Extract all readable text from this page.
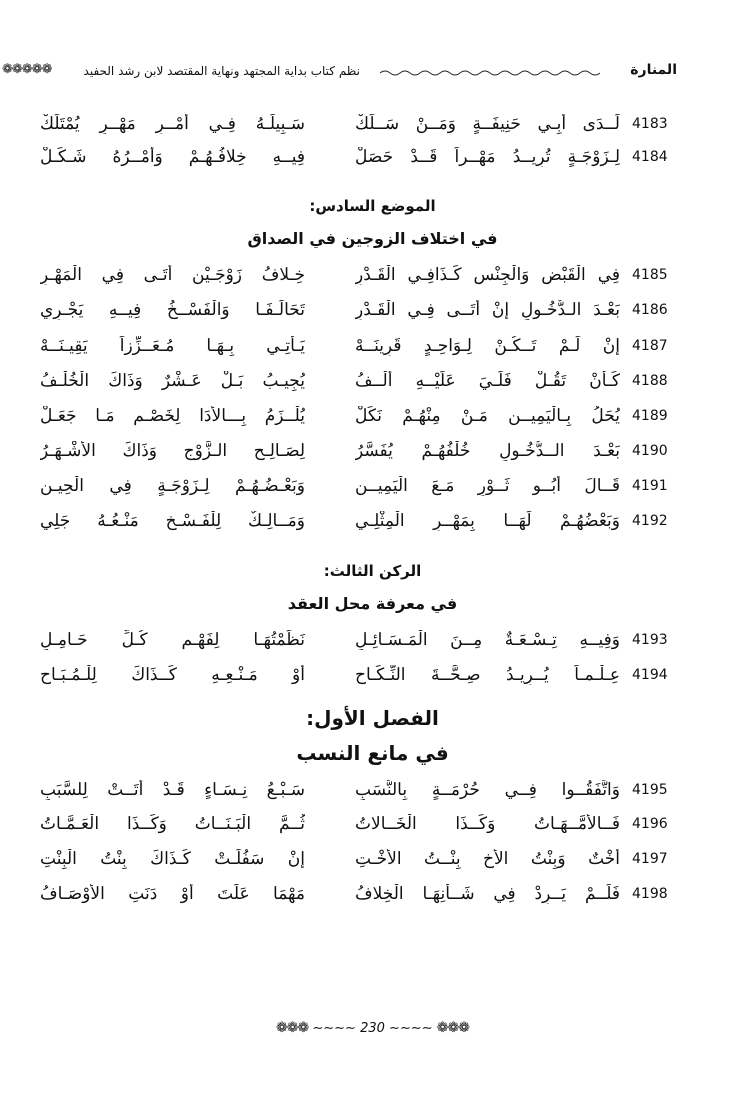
المنارة
نظم كتاب بداية المجتهد ونهاية المقتصد لابن رشد الحفيد
❁❁❁❁❁
4183
لَــدَى أَبِـي حَنِيفَــةٍ وَمَــنْ سَــلَكْ
سَـبِيلَـهُ فِـي أَمْــرِ مَهْــرٍ يُمْتَلَكْ
4184
لِـزَوْجَـةٍ تُرِيــدُ مَهْــراً قَــدْ حَصَلْ
فِيــهِ خِلافُـهُـمْ وَأَمْــرُهُ شَـكَـلْ
الموضع السادس:
في اختلاف الزوجين في الصداق
4185
فِي الْقَبْضِ وَالْجِنْسِ كَـذَافِـي الْقَـدْرِ
خِـلافُ زَوْجَـيْنِ أَتَـى فِي الْمَهْـرِ
4186
بَعْـدَ الـدُّخُـولِ إِنْ أَتَــى فِـي الْقَـدْرِ
تَحَالَـفَـا وَالْفَسْــخُ فِيــهِ يَجْـرِي
4187
إِنْ لَـمْ تَــكُـنْ لِـوَاحِـدٍ قَرِينَــهْ
يَـأْتِـي بِـهَـا مُـعَــزِّزاً يَقِيـنَــهْ
4188
كَـأَنْ تَقُـلْ فَلَـيَ عَلَيْــهِ أَلْــفُ
يُجِيـبُ بَـلْ عَـشْرٌ وَذَاكَ الْخُلْـفُ
4189
يُحَلُ بِـالْيَمِيــنِ مَـنْ مِنْهُـمْ نَكَلْ
يُلْــزَمُ بِـــالأَدَا لِخَصْـمٍ مَـا جَعَـلْ
4190
بَعْـدَ الــدُّخُـولِ خُلْفُهُـمْ يُفَسَّرُ
لِصَـالِـحِ الـزَّوْجِ وَذَاكَ الأَشْـهَـرُ
4191
قَــالَ أَبُــو ثَــوْرٍ مَـعَ الْيَمِيــنِ
وَبَعْـضُـهُـمْ لِـزَوْجَـةٍ فِي الْحِيـنِ
4192
وَبَعْضُهُـمْ لَهَــا بِمَهْــرِ الْمِثْلِـي
وَمَــالِـكٌ لِلْفَـسْـخِ مَنْـعُـهُ جَلِي
الركن الثالث:
في معرفة محل العقد
4193
وَفِيــهِ تِـسْـعَـةٌ مِــنَ الْمَـسَـائِـلِ
نَظَمْتُهَـا لِفَهْـمِ كُـلِّ حَـامِـلِ
4194
عِـلْـمـاً يُــرِيـدُ صِـحَّــةَ النِّـكَـاحِ
أَوْ مَـنْـعِـهِ كَــذَاكَ لِلْـمُـبَـاحِ
الفصل الأول:
في مانع النسب
4195
وَاتَّفَقُــوا فِــي حُرْمَــةٍ بِالنَّسَبِ
سَـبْـعُ نِـسَـاءٍ قَـدْ أَتَــتْ لِلسَّبَبِ
4196
فَــالأُمَّــهَـاتُ وَكَــذَا الْخَــالاتُ
ثُــمَّ الْبَـنَــاتُ وَكَــذَا الْعَـمَّـاتُ
4197
أُخْتٌ وَبِنْتُ الأَخِ بِنْــتُ الأُخْـتِ
إِنْ سَفُلَـتْ كَـذَاكَ بِنْتُ الْبِنْتِ
4198
فَلَــمْ يَــرِدْ فِي شَــأْنِهَـا الْخِلافُ
مَهْمَا عَلَتَ أَوْ دَنَتِ الأَوْصَـافُ
❁❁❁ ∼∼∼∼ 230 ∼∼∼∼ ❁❁❁
